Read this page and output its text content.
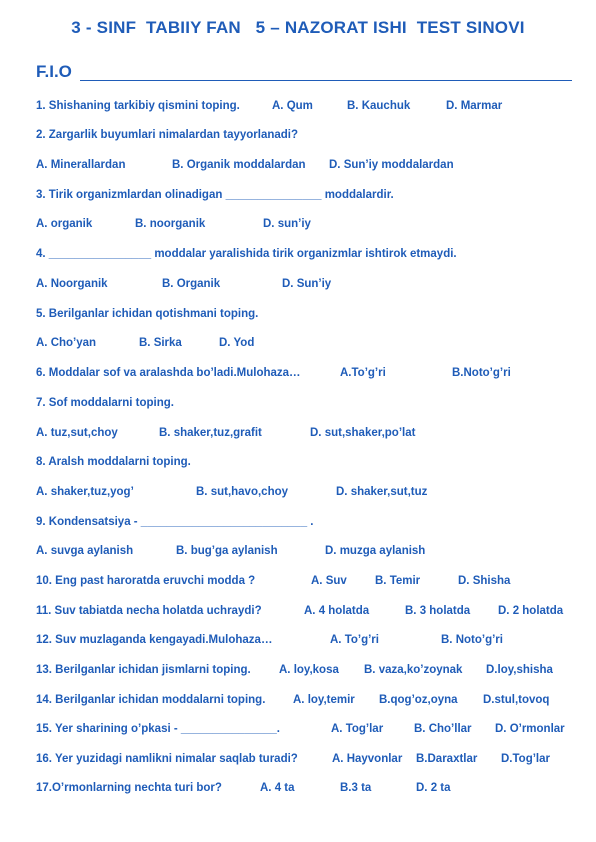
3 - SINF  TABIIY FAN   5 – NAZORAT ISHI  TEST SINOVI
F.I.O
1. Shishaning tarkibiy qismini toping.	A. Qum	B. Kauchuk	D. Marmar
2. Zargarlik buyumlari nimalardan tayyorlanadi?
A. Minerallardan	B. Organik moddalardan D. Sun’iy moddalardan
3. Tirik organizmlardan olinadigan _______________ moddalardir.
A. organik	B. noorganik	D. sun’iy
4. ________________ moddalar yaralishida tirik organizmlar ishtirok etmaydi.
A. Noorganik	B. Organik	D. Sun’iy
5. Berilganlar ichidan qotishmani toping.
A. Cho’yan	B. Sirka	D. Yod
6. Moddalar sof va aralashda bo’ladi.Mulohaza…	A.To’g’ri	B.Noto’g’ri
7. Sof moddalarni toping.
A. tuz,sut,choy	B. shaker,tuz,grafit	D. sut,shaker,po’lat
8. Aralsh moddalarni toping.
A. shaker,tuz,yog’	B. sut,havo,choy	D. shaker,sut,tuz
9. Kondensatsiya - __________________________ .
A. suvga aylanish	B. bug’ga aylanish	D. muzga aylanish
10. Eng past haroratda eruvchi modda ?	A. Suv B. Temir	D. Shisha
11. Suv tabiatda necha holatda uchraydi?	A. 4 holatda	B. 3 holatda D. 2 holatda
12. Suv muzlaganda kengayadi.Mulohaza…	A. To’g’ri	B. Noto’g’ri
13. Berilganlar ichidan jismlarni toping. A. loy,kosa B. vaza,ko’zoynak D.loy,shisha
14. Berilganlar ichidan moddalarni toping. A. loy,temir B.qog’oz,oyna D.stul,tovoq
15. Yer sharining o’pkasi - _______________.	A. Tog’lar	B. Cho’llar D. O’rmonlar
16. Yer yuzidagi namlikni nimalar saqlab turadi?	A. Hayvonlar B.Daraxtlar D.Tog’lar
17.O’rmonlarning nechta turi bor?	A. 4 ta	B.3 ta	D. 2 ta
